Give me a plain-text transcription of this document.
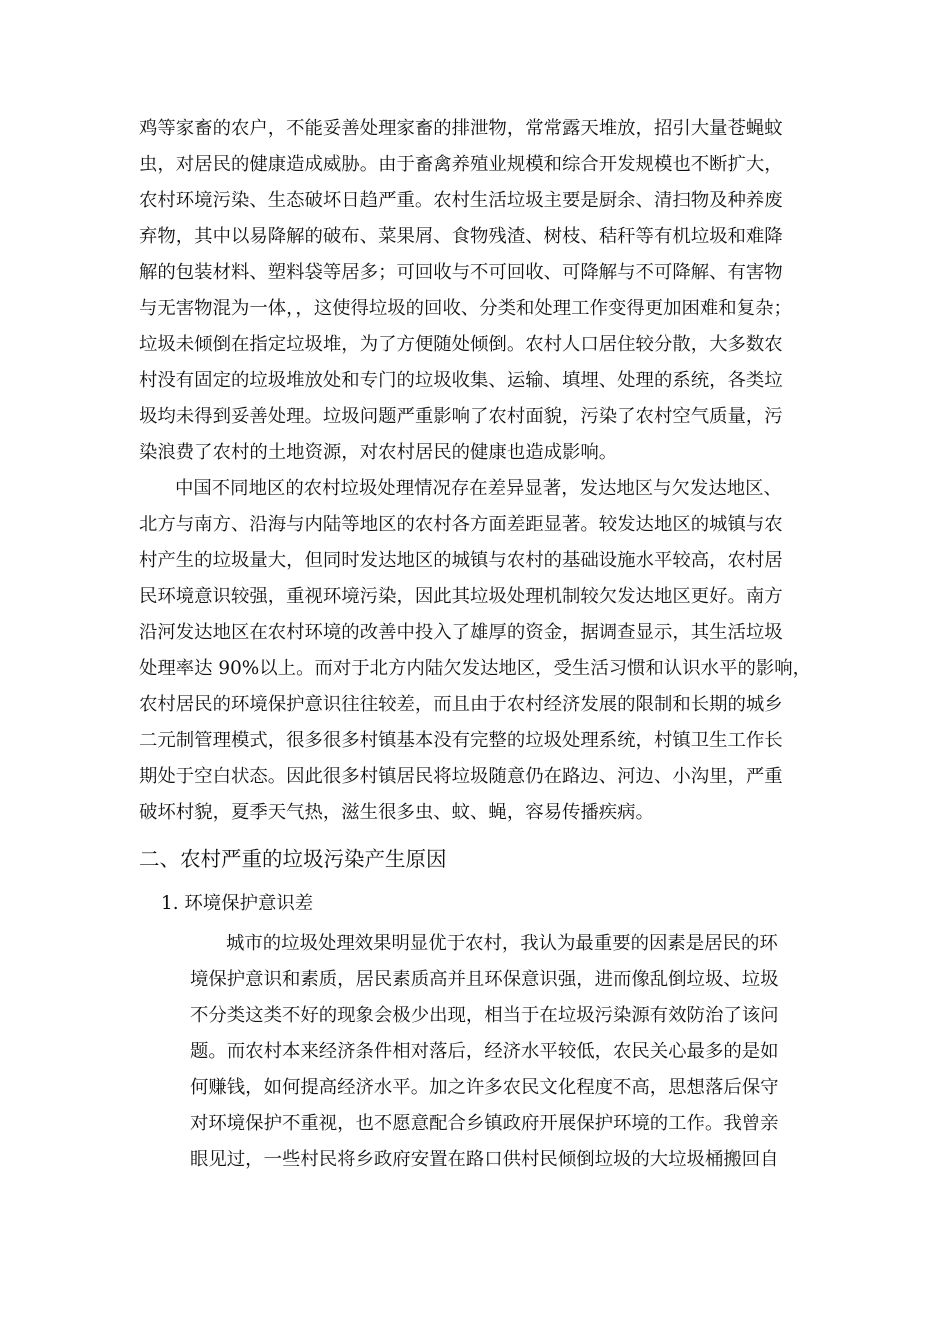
鸡等家畜的农户，不能妥善处理家畜的排泄物，常常露天堆放，招引大量苍蝇蚊
虫，对居民的健康造成威胁。由于畜禽养殖业规模和综合开发规模也不断扩大，
农村环境污染、生态破坏日趋严重。农村生活垃圾主要是厨余、清扫物及种养废
弃物，其中以易降解的破布、菜果屑、食物残渣、树枝、秸秆等有机垃圾和难降
解的包装材料、塑料袋等居多；可回收与不可回收、可降解与不可降解、有害物
与无害物混为一体，，这使得垃圾的回收、分类和处理工作变得更加困难和复杂；
垃圾未倾倒在指定垃圾堆，为了方便随处倾倒。农村人口居住较分散，大多数农
村没有固定的垃圾堆放处和专门的垃圾收集、运输、填埋、处理的系统，各类垃
圾均未得到妥善处理。垃圾问题严重影响了农村面貌，污染了农村空气质量，污
染浪费了农村的土地资源，对农村居民的健康也造成影响。
中国不同地区的农村垃圾处理情况存在差异显著，发达地区与欠发达地区、
北方与南方、沿海与内陆等地区的农村各方面差距显著。较发达地区的城镇与农
村产生的垃圾量大，但同时发达地区的城镇与农村的基础设施水平较高，农村居
民环境意识较强，重视环境污染，因此其垃圾处理机制较欠发达地区更好。南方
沿河发达地区在农村环境的改善中投入了雄厚的资金，据调查显示，其生活垃圾
处理率达 90%以上。而对于北方内陆欠发达地区，受生活习惯和认识水平的影响，
农村居民的环境保护意识往往较差，而且由于农村经济发展的限制和长期的城乡
二元制管理模式，很多很多村镇基本没有完整的垃圾处理系统，村镇卫生工作长
期处于空白状态。因此很多村镇居民将垃圾随意仍在路边、河边、小沟里，严重
破坏村貌，夏季天气热，滋生很多虫、蚊、蝇，容易传播疾病。
二、农村严重的垃圾污染产生原因
1. 环境保护意识差
城市的垃圾处理效果明显优于农村，我认为最重要的因素是居民的环
境保护意识和素质，居民素质高并且环保意识强，进而像乱倒垃圾、垃圾
不分类这类不好的现象会极少出现，相当于在垃圾污染源有效防治了该问
题。而农村本来经济条件相对落后，经济水平较低，农民关心最多的是如
何赚钱，如何提高经济水平。加之许多农民文化程度不高，思想落后保守
对环境保护不重视，也不愿意配合乡镇政府开展保护环境的工作。我曾亲
眼见过，一些村民将乡政府安置在路口供村民倾倒垃圾的大垃圾桶搬回自
